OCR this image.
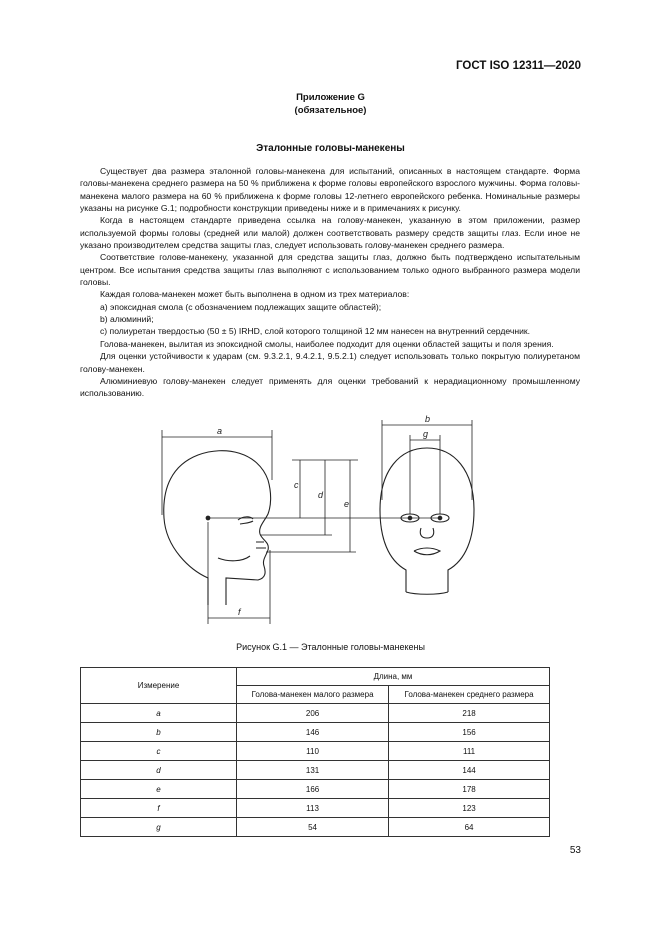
ГОСТ ISO 12311—2020
Приложение G
(обязательное)
Эталонные головы-манекены

Существует два размера эталонной головы-манекена для испытаний, описанных в настоящем стандарте. Форма головы-манекена среднего размера на 50 % приближена к форме головы европейского взрослого мужчины. Форма головы-манекена малого размера на 60 % приближена к форме головы 12-летнего европейского ребенка. Номинальные размеры указаны на рисунке G.1; подробности конструкции приведены ниже и в примечаниях к рисунку.

Когда в настоящем стандарте приведена ссылка на голову-манекен, указанную в этом приложении, размер используемой формы головы (средней или малой) должен соответствовать размеру средств защиты глаз. Если иное не указано производителем средства защиты глаз, следует использовать голову-манекен среднего размера.

Соответствие голове-манекену, указанной для средства защиты глаз, должно быть подтверждено испытательным центром. Все испытания средства защиты глаз выполняют с использованием только одного выбранного размера модели головы.

Каждая голова-манекен может быть выполнена в одном из трех материалов:

a) эпоксидная смола (с обозначением подлежащих защите областей);

b) алюминий;

c) полиуретан твердостью (50 ± 5) IRHD, слой которого толщиной 12 мм нанесен на внутренний сердечник.

Голова-манекен, вылитая из эпоксидной смолы, наиболее подходит для оценки областей защиты и поля зрения.

Для оценки устойчивости к ударам (см. 9.3.2.1, 9.4.2.1, 9.5.2.1) следует использовать только покрытую полиуретаном голову-манекен.

Алюминиевую голову-манекен следует применять для оценки требований к нерадиационному промышленному использованию.

a
c
d
e
f
b
g
Рисунок G.1 — Эталонные головы-манекены
Измерение	Длина, мм	
	Голова-манекен малого размера	Голова-манекен среднего размера
a	206	218
b	146	156
c	110	111
d	131	144
e	166	178
f	113	123
g	54	64
53
